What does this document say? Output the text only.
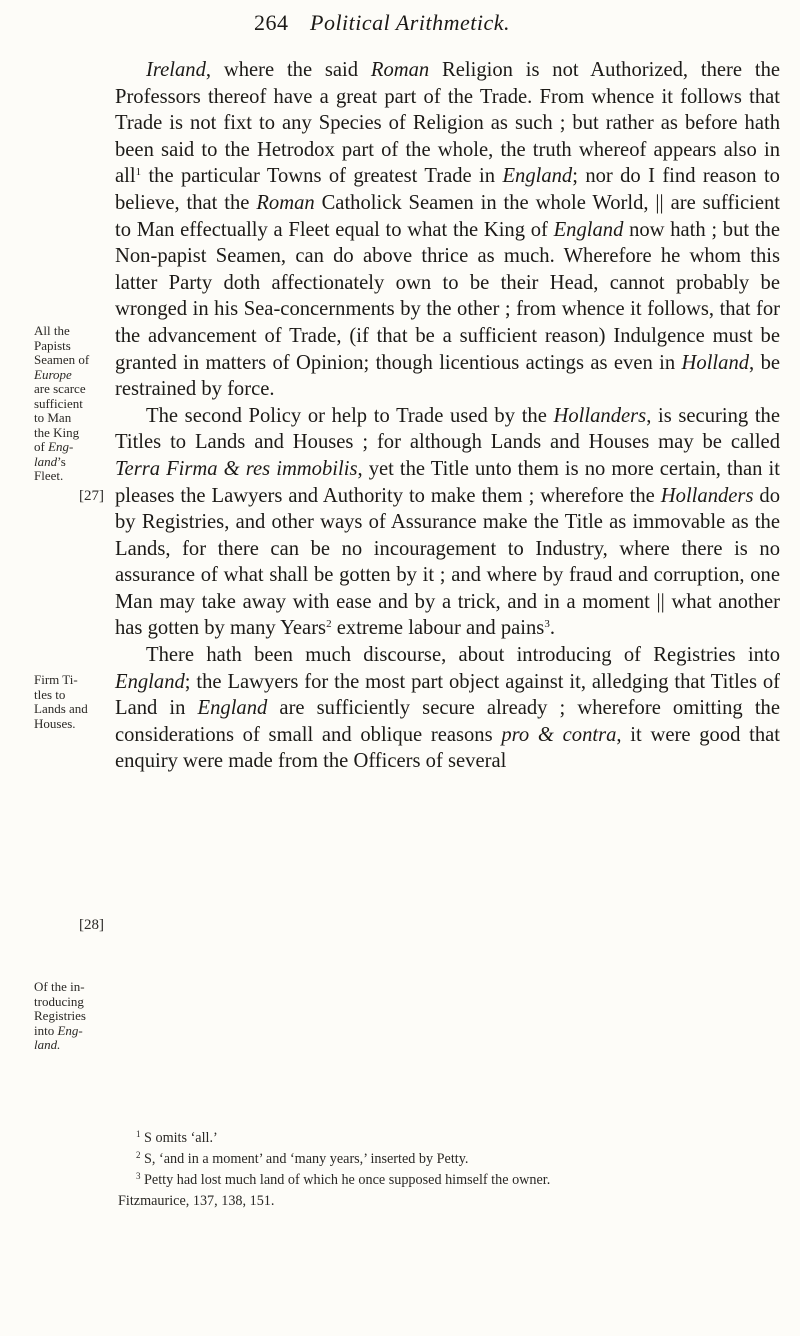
264 Political Arithmetick.
All the
Papists
Seamen of
Europe
are scarce
sufficient
to Man
the King
of Eng-
land’s
Fleet.
[27]
Firm Ti-
tles to
Lands and
Houses.
[28]
Of the in-
troducing
Registries
into Eng-
land.

Ireland, where the said Roman Religion is not Authorized, there the Professors thereof have a great part of the Trade. From whence it follows that Trade is not fixt to any Species of Religion as such ; but rather as before hath been said to the Hetrodox part of the whole, the truth whereof appears also in all$^1$ the particular Towns of greatest Trade in England; nor do I find reason to believe, that the Roman Catholick Seamen in the whole World, || are sufficient to Man effectually a Fleet equal to what the King of England now hath ; but the Non-papist Seamen, can do above thrice as much. Wherefore he whom this latter Party doth affectionately own to be their Head, cannot probably be wronged in his Sea-concernments by the other ; from whence it follows, that for the advancement of Trade, (if that be a sufficient reason) Indulgence must be granted in matters of Opinion; though licentious actings as even in Holland, be restrained by force.

The second Policy or help to Trade used by the Hollanders, is securing the Titles to Lands and Houses ; for although Lands and Houses may be called Terra Firma & res immobilis, yet the Title unto them is no more certain, than it pleases the Lawyers and Authority to make them ; wherefore the Hollanders do by Registries, and other ways of Assurance make the Title as immovable as the Lands, for there can be no incouragement to Industry, where there is no assurance of what shall be gotten by it ; and where by fraud and corruption, one Man may take away with ease and by a trick, and in a moment || what another has gotten by many Years$^2$ extreme labour and pains$^3$.

There hath been much discourse, about introducing of Registries into England; the Lawyers for the most part object against it, alledging that Titles of Land in England are sufficiently secure already ; wherefore omitting the considerations of small and oblique reasons pro & contra, it were good that enquiry were made from the Officers of several

$^1$ S omits ‘all.’

$^2$ S, ‘and in a moment’ and ‘many years,’ inserted by Petty.

$^3$ Petty had lost much land of which he once supposed himself the owner.

Fitzmaurice, 137, 138, 151.
